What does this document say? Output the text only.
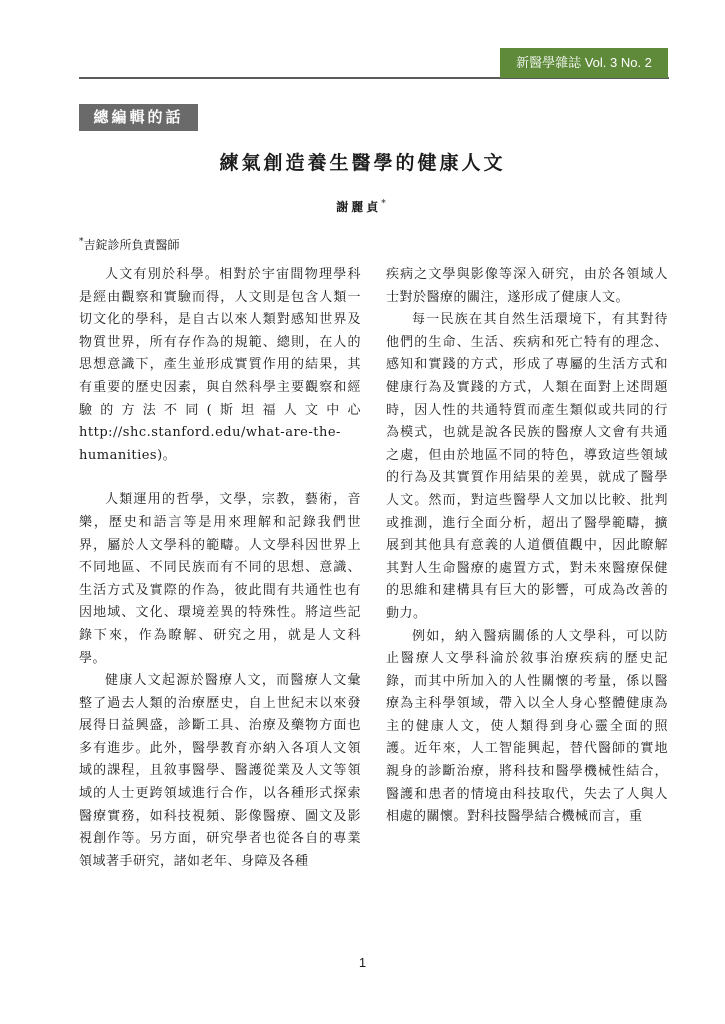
新醫學雜誌 Vol. 3 No. 2
總編輯的話
練氣創造養生醫學的健康人文
謝麗貞*
*吉錠診所負責醫師

人文有別於科學。相對於宇宙間物理學科是經由觀察和實驗而得，人文則是包含人類一切文化的學科，是自古以來人類對感知世界及物質世界，所有存作為的規範、總則，在人的思想意識下，產生並形成實質作用的結果，其有重要的歷史因素，與自然科學主要觀察和經驗的方法不同(斯坦福人文中心 http://shc.stanford.edu/what-are-the-humanities)。

人類運用的哲學，文學，宗教，藝術，音樂，歷史和語言等是用來理解和記錄我們世界，屬於人文學科的範疇。人文學科因世界上不同地區、不同民族而有不同的思想、意識、生活方式及實際的作為，彼此間有共通性也有因地域、文化、環境差異的特殊性。將這些記錄下來，作為瞭解、研究之用，就是人文科學。

健康人文起源於醫療人文，而醫療人文彙整了過去人類的治療歷史，自上世紀末以來發展得日益興盛，診斷工具、治療及藥物方面也多有進步。此外，醫學教育亦納入各項人文領域的課程，且敘事醫學、醫護從業及人文等領域的人士更跨領域進行合作，以各種形式探索醫療實務，如科技視頻、影像醫療、圖文及影視創作等。另方面，研究學者也從各自的專業領域著手研究，諸如老年、身障及各種

疾病之文學與影像等深入研究，由於各領域人士對於醫療的關注，遂形成了健康人文。

每一民族在其自然生活環境下，有其對待他們的生命、生活、疾病和死亡特有的理念、感知和實踐的方式，形成了專屬的生活方式和健康行為及實踐的方式，人類在面對上述問題時，因人性的共通特質而產生類似或共同的行為模式，也就是說各民族的醫療人文會有共通之處，但由於地區不同的特色，導致這些領域的行為及其實質作用結果的差異，就成了醫學人文。然而，對這些醫學人文加以比較、批判或推測，進行全面分析，超出了醫學範疇，擴展到其他具有意義的人道價值觀中，因此瞭解其對人生命醫療的處置方式，對未來醫療保健的思維和建構具有巨大的影響，可成為改善的動力。

例如，納入醫病關係的人文學科，可以防止醫療人文學科淪於敘事治療疾病的歷史記錄，而其中所加入的人性關懷的考量，係以醫療為主科學領域，帶入以全人身心整體健康為主的健康人文，使人類得到身心靈全面的照護。近年來，人工智能興起，替代醫師的實地親身的診斷治療，將科技和醫學機械性結合，醫護和患者的情境由科技取代，失去了人與人相處的關懷。對科技醫學結合機械而言，重

1
